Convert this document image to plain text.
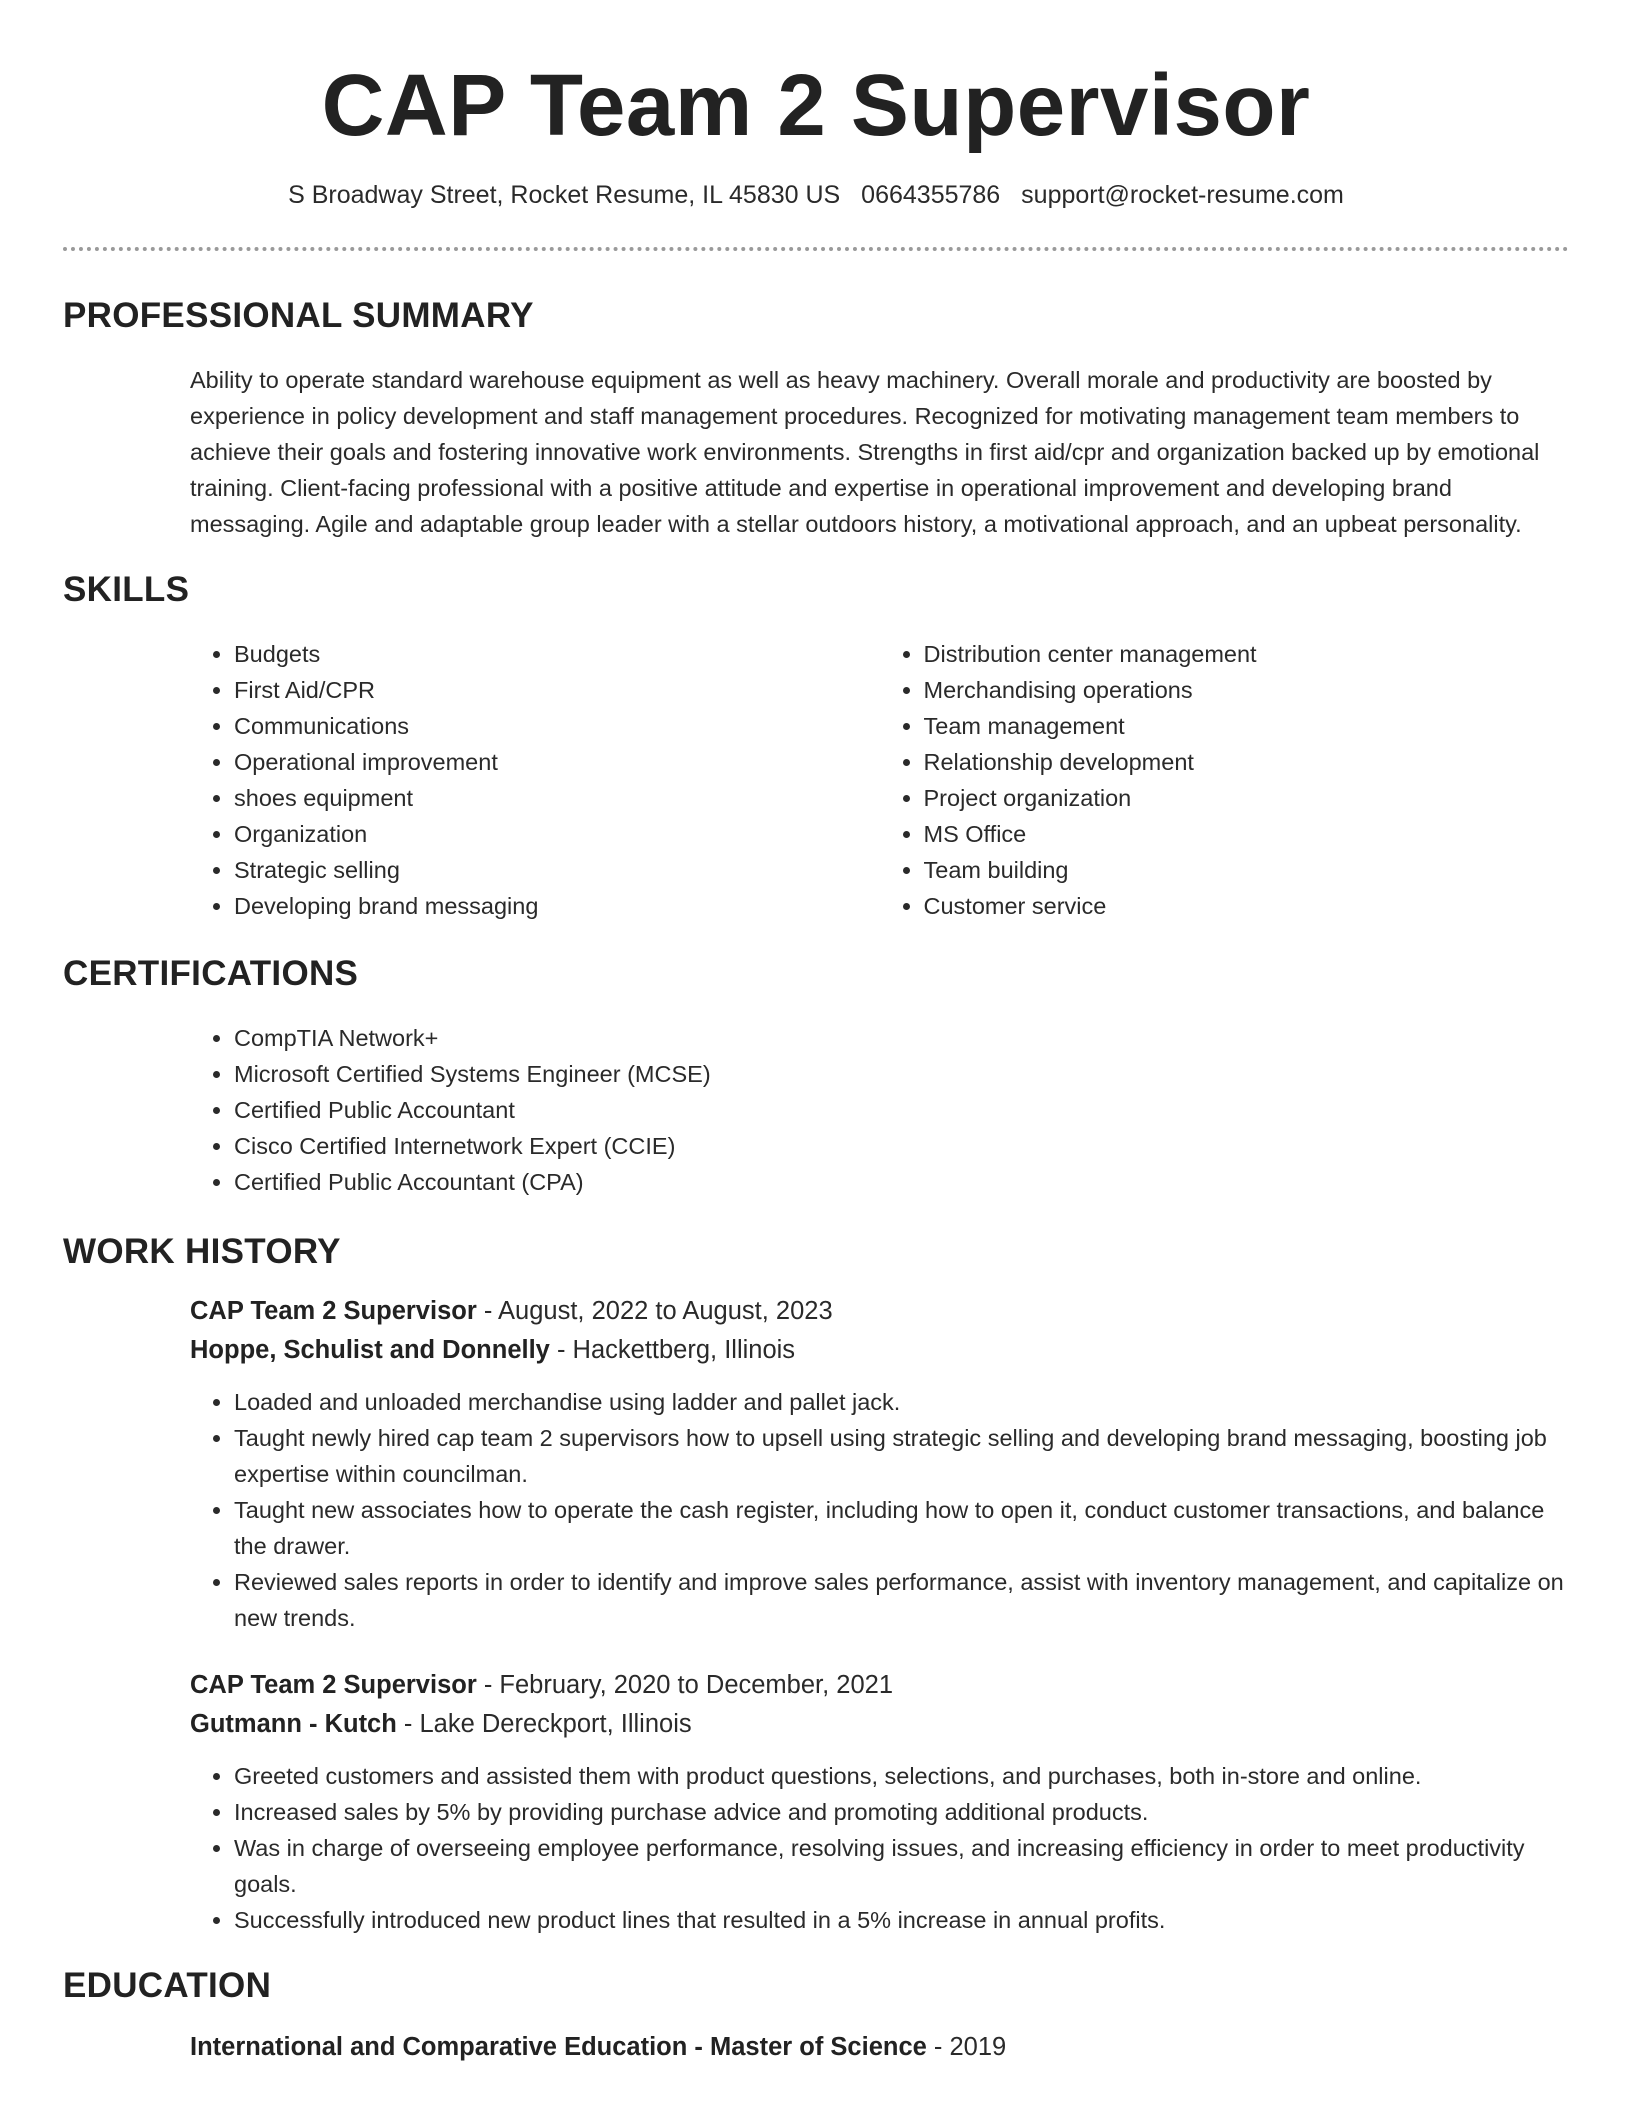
CAP Team 2 Supervisor
S Broadway Street, Rocket Resume, IL 45830 US 0664355786 support@rocket-resume.com
PROFESSIONAL SUMMARY

Ability to operate standard warehouse equipment as well as heavy machinery. Overall morale and productivity are boosted by experience in policy development and staff management procedures. Recognized for motivating management team members to achieve their goals and fostering innovative work environments. Strengths in first aid/cpr and organization backed up by emotional training. Client-facing professional with a positive attitude and expertise in operational improvement and developing brand messaging. Agile and adaptable group leader with a stellar outdoors history, a motivational approach, and an upbeat personality.

SKILLS
• Budgets
• First Aid/CPR
• Communications
• Operational improvement
• shoes equipment
• Organization
• Strategic selling
• Developing brand messaging
• Distribution center management
• Merchandising operations
• Team management
• Relationship development
• Project organization
• MS Office
• Team building
• Customer service
CERTIFICATIONS
• CompTIA Network+
• Microsoft Certified Systems Engineer (MCSE)
• Certified Public Accountant
• Cisco Certified Internetwork Expert (CCIE)
• Certified Public Accountant (CPA)
WORK HISTORY
CAP Team 2 Supervisor - August, 2022 to August, 2023
Hoppe, Schulist and Donnelly - Hackettberg, Illinois
• Loaded and unloaded merchandise using ladder and pallet jack.
• Taught newly hired cap team 2 supervisors how to upsell using strategic selling and developing brand messaging, boosting job expertise within councilman.
• Taught new associates how to operate the cash register, including how to open it, conduct customer transactions, and balance the drawer.
• Reviewed sales reports in order to identify and improve sales performance, assist with inventory management, and capitalize on new trends.
CAP Team 2 Supervisor - February, 2020 to December, 2021
Gutmann - Kutch - Lake Dereckport, Illinois
• Greeted customers and assisted them with product questions, selections, and purchases, both in-store and online.
• Increased sales by 5% by providing purchase advice and promoting additional products.
• Was in charge of overseeing employee performance, resolving issues, and increasing efficiency in order to meet productivity goals.
• Successfully introduced new product lines that resulted in a 5% increase in annual profits.
EDUCATION
International and Comparative Education - Master of Science - 2019
